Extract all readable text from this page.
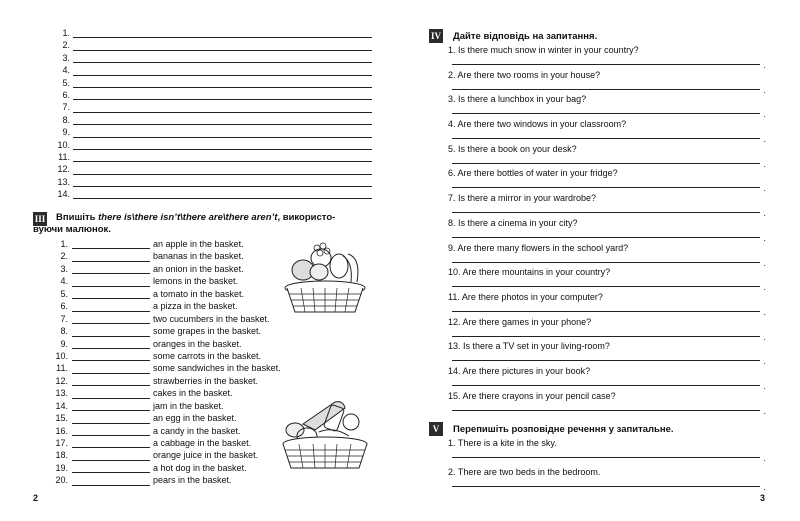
1.
2.
3.
4.
5.
6.
7.
8.
9.
10.
11.
12.
13.
14.
III Впишіть there is\there isn’t\there are\there aren’t, використо-
вуючи малюнок.
1.	an apple in the basket.
2.	bananas in the basket.
3.	an onion in the basket.
4.	lemons in the basket.
5.	a tomato in the basket.
6.	a pizza in the basket.
7.	two cucumbers in the basket.
8.	some grapes in the basket.
9.	oranges in the basket.
10.	some carrots in the basket.
11.	some sandwiches in the basket.
12.	strawberries in the basket.
13.	cakes in the basket.
14.	jam in the basket.
15.	an egg in the basket.
16.	a candy in the basket.
17.	a cabbage in the basket.
18.	orange juice in the basket.
19.	a hot dog in the basket.
20.	pears in the basket.
2
IV Дайте відповідь на запитання.
1. Is there much snow in winter in your country?
.
2. Are there two rooms in your house?
.
3. Is there a lunchbox in your bag?
.
4. Are there two windows in your classroom?
.
5. Is there a book on your desk?
.
6. Are there bottles of water in your fridge?
.
7. Is there a mirror in your wardrobe?
.
8. Is there a cinema in your city?
.
9. Are there many flowers in the school yard?
.
10. Are there mountains in your country?
.
11. Are there photos in your computer?
.
12. Are there games in your phone?
.
13. Is there a TV set in your living-room?
.
14. Are there pictures in your book?
.
15. Are there crayons in your pencil case?
.
V	Перепишіть розповідне речення у запитальне.
1. There is a kite in the sky.
.
2. There are two beds in the bedroom.
.
3
